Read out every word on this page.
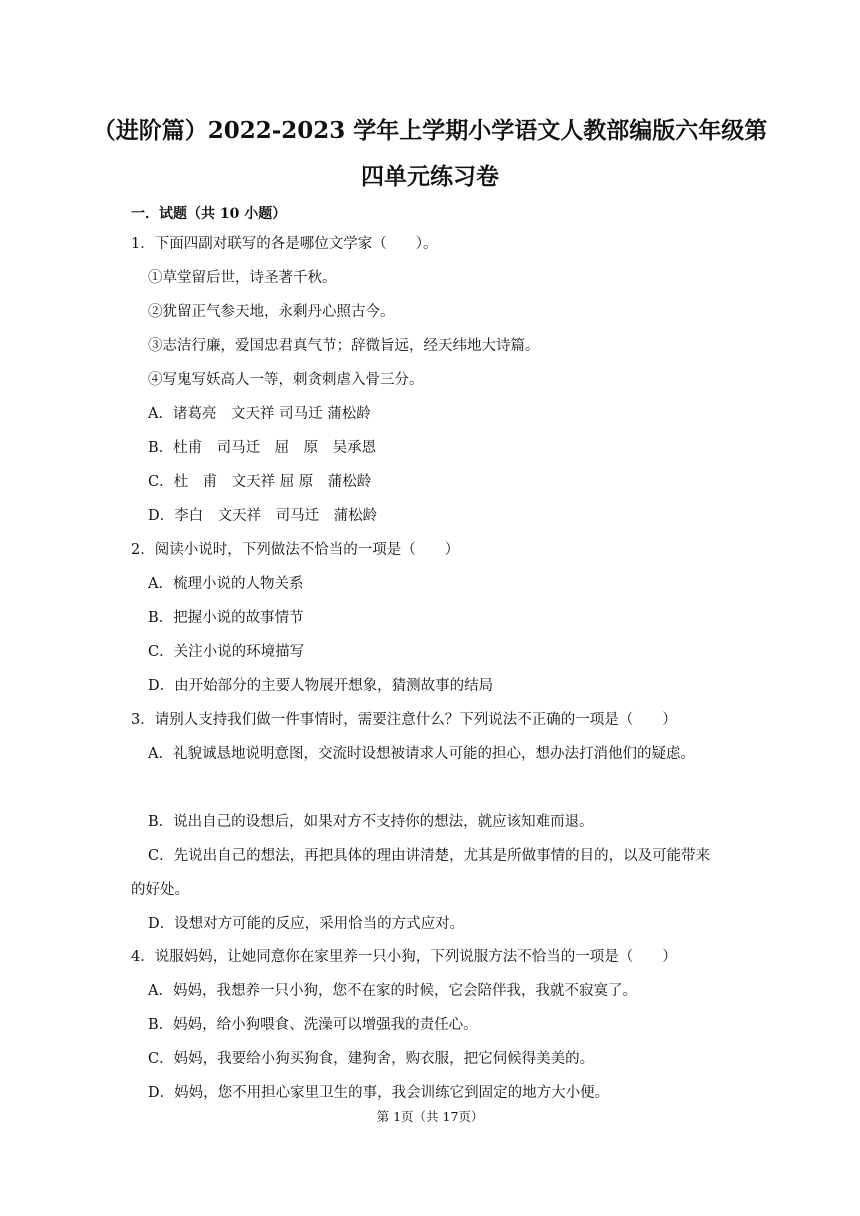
（进阶篇）2022-2023 学年上学期小学语文人教部编版六年级第
四单元练习卷
一．试题（共 10 小题）
1．下面四副对联写的各是哪位文学家（　　）。
①草堂留后世，诗圣著千秋。
②犹留正气参天地，永剩丹心照古今。
③志洁行廉，爱国忠君真气节；辞微旨远，经天纬地大诗篇。
④写鬼写妖高人一等，刺贪刺虐入骨三分。
A．诸葛亮　文天祥 司马迁 蒲松龄
B．杜甫　司马迁　屈　原　吴承恩
C．杜　甫　文天祥 屈 原　蒲松龄
D．李白　文天祥　司马迁　蒲松龄
2．阅读小说时，下列做法不恰当的一项是（　　）
A．梳理小说的人物关系
B．把握小说的故事情节
C．关注小说的环境描写
D．由开始部分的主要人物展开想象，猜测故事的结局
3．请别人支持我们做一件事情时，需要注意什么？下列说法不正确的一项是（　　）
A．礼貌诚恳地说明意图，交流时设想被请求人可能的担心，想办法打消他们的疑虑。
B．说出自己的设想后，如果对方不支持你的想法，就应该知难而退。
C．先说出自己的想法，再把具体的理由讲清楚，尤其是所做事情的目的，以及可能带来
的好处。
D．设想对方可能的反应，采用恰当的方式应对。
4．说服妈妈，让她同意你在家里养一只小狗，下列说服方法不恰当的一项是（　　）
A．妈妈，我想养一只小狗，您不在家的时候，它会陪伴我，我就不寂寞了。
B．妈妈，给小狗喂食、洗澡可以增强我的责任心。
C．妈妈，我要给小狗买狗食，建狗舍，购衣服，把它伺候得美美的。
D．妈妈，您不用担心家里卫生的事，我会训练它到固定的地方大小便。
第 1页（共 17页）
